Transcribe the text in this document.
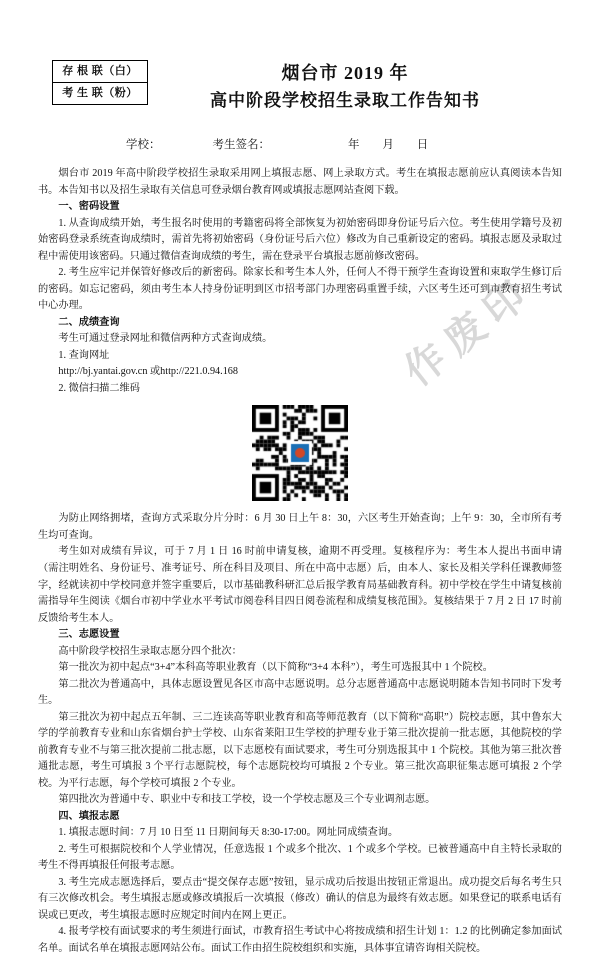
作废印
存 根 联（白）
考 生 联（粉）
烟台市 2019 年
高中阶段学校招生录取工作告知书
学校：	考生签名：	年 月 日

烟台市 2019 年高中阶段学校招生录取采用网上填报志愿、网上录取方式。考生在填报志愿前应认真阅读本告知书。本告知书以及招生录取有关信息可登录烟台教育网或填报志愿网站查阅下载。

一、密码设置

1. 从查询成绩开始，考生报名时使用的考籍密码将全部恢复为初始密码即身份证号后六位。考生使用学籍号及初始密码登录系统查询成绩时，需首先将初始密码（身份证号后六位）修改为自己重新设定的密码。填报志愿及录取过程中需使用该密码。只通过微信查询成绩的考生，需在登录平台填报志愿前修改密码。

2. 考生应牢记并保管好修改后的新密码。除家长和考生本人外，任何人不得干预学生查询设置和束取学生修订后的密码。如忘记密码，须由考生本人持身份证明到区市招考部门办理密码重置手续，六区考生还可到市教育招生考试中心办理。

二、成绩查询

考生可通过登录网址和微信两种方式查询成绩。

1. 查询网址

http://bj.yantai.gov.cn 或http://221.0.94.168

2. 微信扫描二维码

为防止网络拥堵，查询方式采取分片分时：6 月 30 日上午 8：30，六区考生开始查询；上午 9：30，全市所有考生均可查询。

考生如对成绩有异议，可于 7 月 1 日 16 时前申请复核，逾期不再受理。复核程序为：考生本人提出书面申请（需注明姓名、身份证号、准考证号、所在科目及项目、所在中高中志愿）后，由本人、家长及相关学科任课教师签字，经就读初中学校同意并签字重要后，以市基础教科研汇总后报学教育局基础教育科。初中学校在学生中请复核前需指导年生阅读《烟台市初中学业水平考试市阅卷科目四日阅卷流程和成绩复核范围》。复核结果于 7 月 2 日 17 时前反馈给考生本人。

三、志愿设置

高中阶段学校招生录取志愿分四个批次：

第一批次为初中起点“3+4”本科高等职业教育（以下简称“3+4 本科”），考生可选报其中 1 个院校。

第二批次为普通高中，具体志愿设置见各区市高中志愿说明。总分志愿普通高中志愿说明随本告知书同时下发考生。

第三批次为初中起点五年制、三二连读高等职业教育和高等师范教育（以下简称“高职”）院校志愿，其中鲁东大学的学前教育专业和山东省烟台护士学校、山东省莱阳卫生学校的护理专业于第三批次提前一批志愿，其他院校的学前教育专业不与第三批次提前二批志愿，以下志愿校有面试要求，考生可分别选报其中 1 个院校。其他为第三批次普通批志愿，考生可填报 3 个平行志愿院校，每个志愿院校均可填报 2 个专业。第三批次高职征集志愿可填报 2 个学校。为平行志愿，每个学校可填报 2 个专业。

第四批次为普通中专、职业中专和技工学校，设一个学校志愿及三个专业调剂志愿。

四、填报志愿

1. 填报志愿时间：7 月 10 日至 11 日期间每天 8:30-17:00。网址同成绩查询。

2. 考生可根据院校和个人学业情况，任意选报 1 个或多个批次、1 个或多个学校。已被普通高中自主特长录取的考生不得再填报任何报考志愿。

3. 考生完成志愿选择后，要点击“提交保存志愿”按钮，显示成功后按退出按钮正常退出。成功提交后每名考生只有三次修改机会。考生填报志愿或修改填报后一次填报（修改）确认的信息为最终有效志愿。如果登记的联系电话有误或已更改，考生填报志愿时应规定时间内在网上更正。

4. 报考学校有面试要求的考生须进行面试，市教育招生考试中心将按成绩和招生计划 1：1.2 的比例确定参加面试名单。面试名单在填报志愿网站公布。面试工作由招生院校组织和实施，具体事宜请咨询相关院校。
